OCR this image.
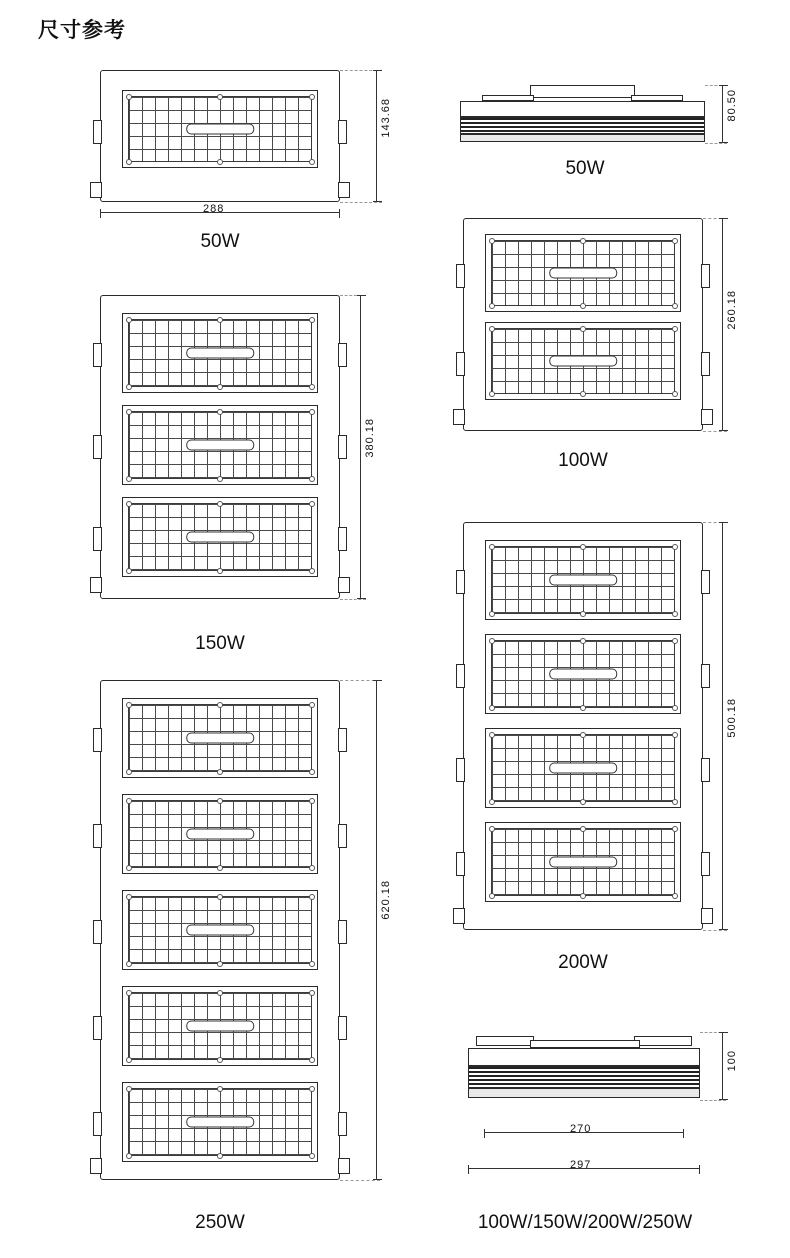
尺寸参考
143.68
288
50W
80.50
50W
260.18
100W
380.18
150W
500.18
200W
620.18
250W
100
270
297
100W/150W/200W/250W
